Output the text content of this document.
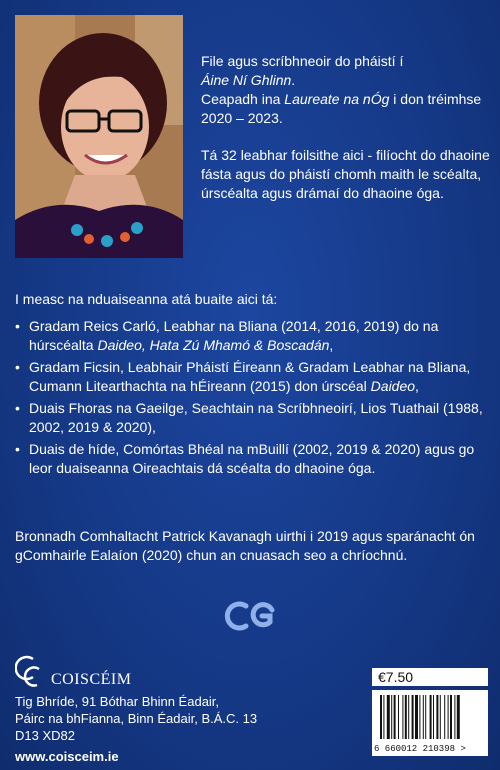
File agus scríbhneoir do pháistí í
Áine Ní Ghlinn.
Ceapadh ina Laureate na nÓg i don tréimhse 2020 – 2023.

Tá 32 leabhar foilsithe aici - filíocht do dhaoine fásta agus do pháistí chomh maith le scéalta, úrscéalta agus drámaí do dhaoine óga.

I measc na nduaiseanna atá buaite aici tá:

• Gradam Reics Carló, Leabhar na Bliana (2014, 2016, 2019) do na húrscéalta Daideo, Hata Zú Mhamó & Boscadán,
• Gradam Ficsin, Leabhair Pháistí Éireann & Gradam Leabhar na Bliana, Cumann Litearthachta na hÉireann (2015) don úrscéal Daideo,
• Duais Fhoras na Gaeilge, Seachtain na Scríbhneoirí, Lios Tuathail (1988, 2002, 2019 & 2020),
• Duais de híde, Comórtas Bhéal na mBuillí (2002, 2019 & 2020) agus go leor duaiseanna Oireachtais dá scéalta do dhaoine óga.

Bronnadh Comhaltacht Patrick Kavanagh uirthi i 2019 agus sparánacht ón gComhairle Ealaíon (2020) chun an cnuasach seo a chríochnú.

COISCÉIM
Tig Bhríde, 91 Bóthar Bhinn Éadair,
Páirc na bhFianna, Binn Éadair, B.Á.C. 13
D13 XD82
www.coisceim.ie
€7.50
6 660012 210398 >
